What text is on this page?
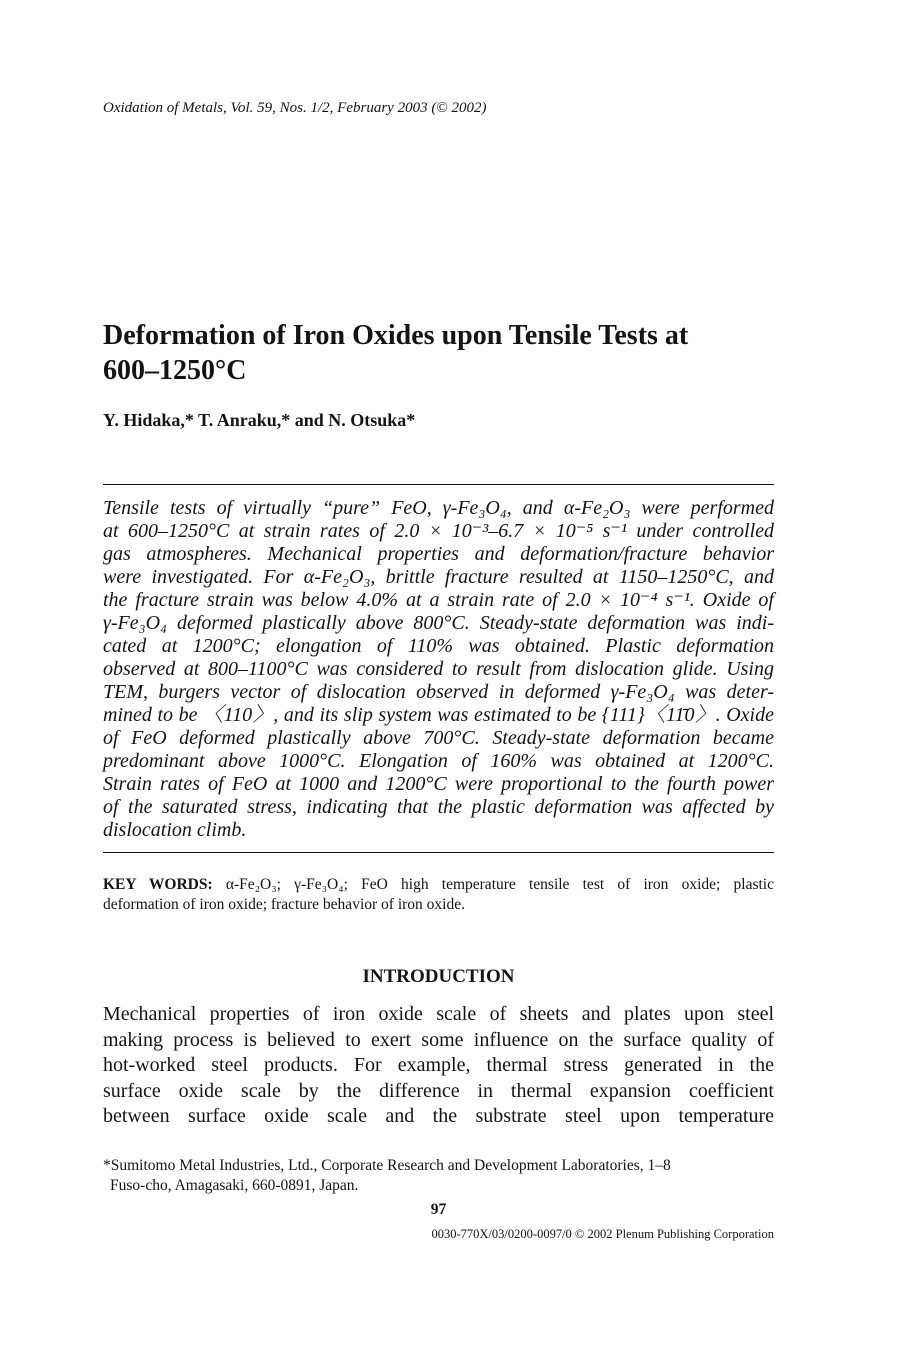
Oxidation of Metals, Vol. 59, Nos. 1/2, February 2003 (© 2002)
Deformation of Iron Oxides upon Tensile Tests at
600–1250°C
Y. Hidaka,* T. Anraku,* and N. Otsuka*
Tensile tests of virtually “pure” FeO, γ-Fe₃O₄, and α-Fe₂O₃ were performed
at 600–1250°C at strain rates of 2.0 × 10⁻³–6.7 × 10⁻⁵ s⁻¹ under controlled
gas atmospheres. Mechanical properties and deformation/fracture behavior
were investigated. For α-Fe₂O₃, brittle fracture resulted at 1150–1250°C, and
the fracture strain was below 4.0% at a strain rate of 2.0 × 10⁻⁴ s⁻¹. Oxide of
γ-Fe₃O₄ deformed plastically above 800°C. Steady-state deformation was indi-
cated at 1200°C; elongation of 110% was obtained. Plastic deformation
observed at 800–1100°C was considered to result from dislocation glide. Using
TEM, burgers vector of dislocation observed in deformed γ-Fe₃O₄ was deter-
mined to be 〈110〉, and its slip system was estimated to be {111}〈11̄0〉. Oxide
of FeO deformed plastically above 700°C. Steady-state deformation became
predominant above 1000°C. Elongation of 160% was obtained at 1200°C.
Strain rates of FeO at 1000 and 1200°C were proportional to the fourth power
of the saturated stress, indicating that the plastic deformation was affected by
dislocation climb.
KEY WORDS: α-Fe₂O₃; γ-Fe₃O₄; FeO high temperature tensile test of iron oxide; plastic
deformation of iron oxide; fracture behavior of iron oxide.
INTRODUCTION
Mechanical properties of iron oxide scale of sheets and plates upon steel
making process is believed to exert some influence on the surface quality of
hot-worked steel products. For example, thermal stress generated in the
surface oxide scale by the difference in thermal expansion coefficient
between surface oxide scale and the substrate steel upon temperature
*Sumitomo Metal Industries, Ltd., Corporate Research and Development Laboratories, 1–8
Fuso-cho, Amagasaki, 660-0891, Japan.
97
0030-770X/03/0200-0097/0 © 2002 Plenum Publishing Corporation
